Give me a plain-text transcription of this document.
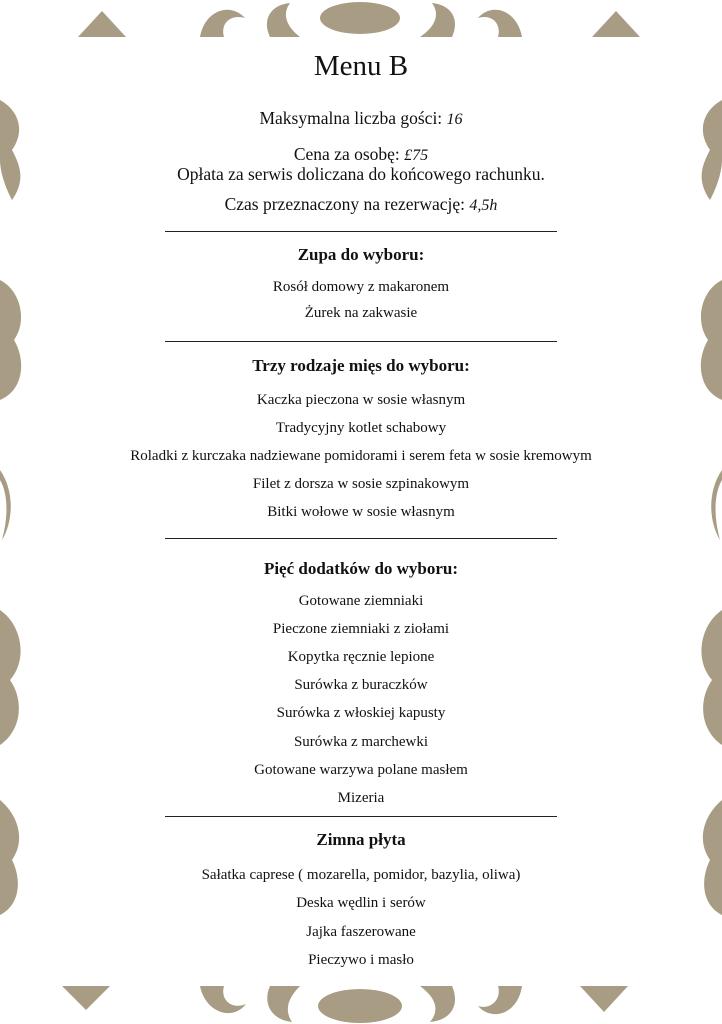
Menu B
Maksymalna liczba gości: 16
Cena za osobę: £75
Opłata za serwis doliczana do końcowego rachunku.
Czas przeznaczony na rezerwację: 4,5h
Zupa do wyboru:
Rosół domowy z makaronem
Żurek na zakwasie
Trzy rodzaje mięs do wyboru:
Kaczka pieczona w sosie własnym
Tradycyjny kotlet schabowy
Roladki z kurczaka nadziewane pomidorami i serem feta w sosie kremowym
Filet z dorsza w sosie szpinakowym
Bitki wołowe w sosie własnym
Pięć dodatków do wyboru:
Gotowane ziemniaki
Pieczone ziemniaki z ziołami
Kopytka ręcznie lepione
Surówka z buraczków
Surówka z włoskiej kapusty
Surówka z marchewki
Gotowane warzywa polane masłem
Mizeria
Zimna płyta
Sałatka caprese ( mozarella, pomidor, bazylia, oliwa)
Deska wędlin i serów
Jajka faszerowane
Pieczywo i masło
